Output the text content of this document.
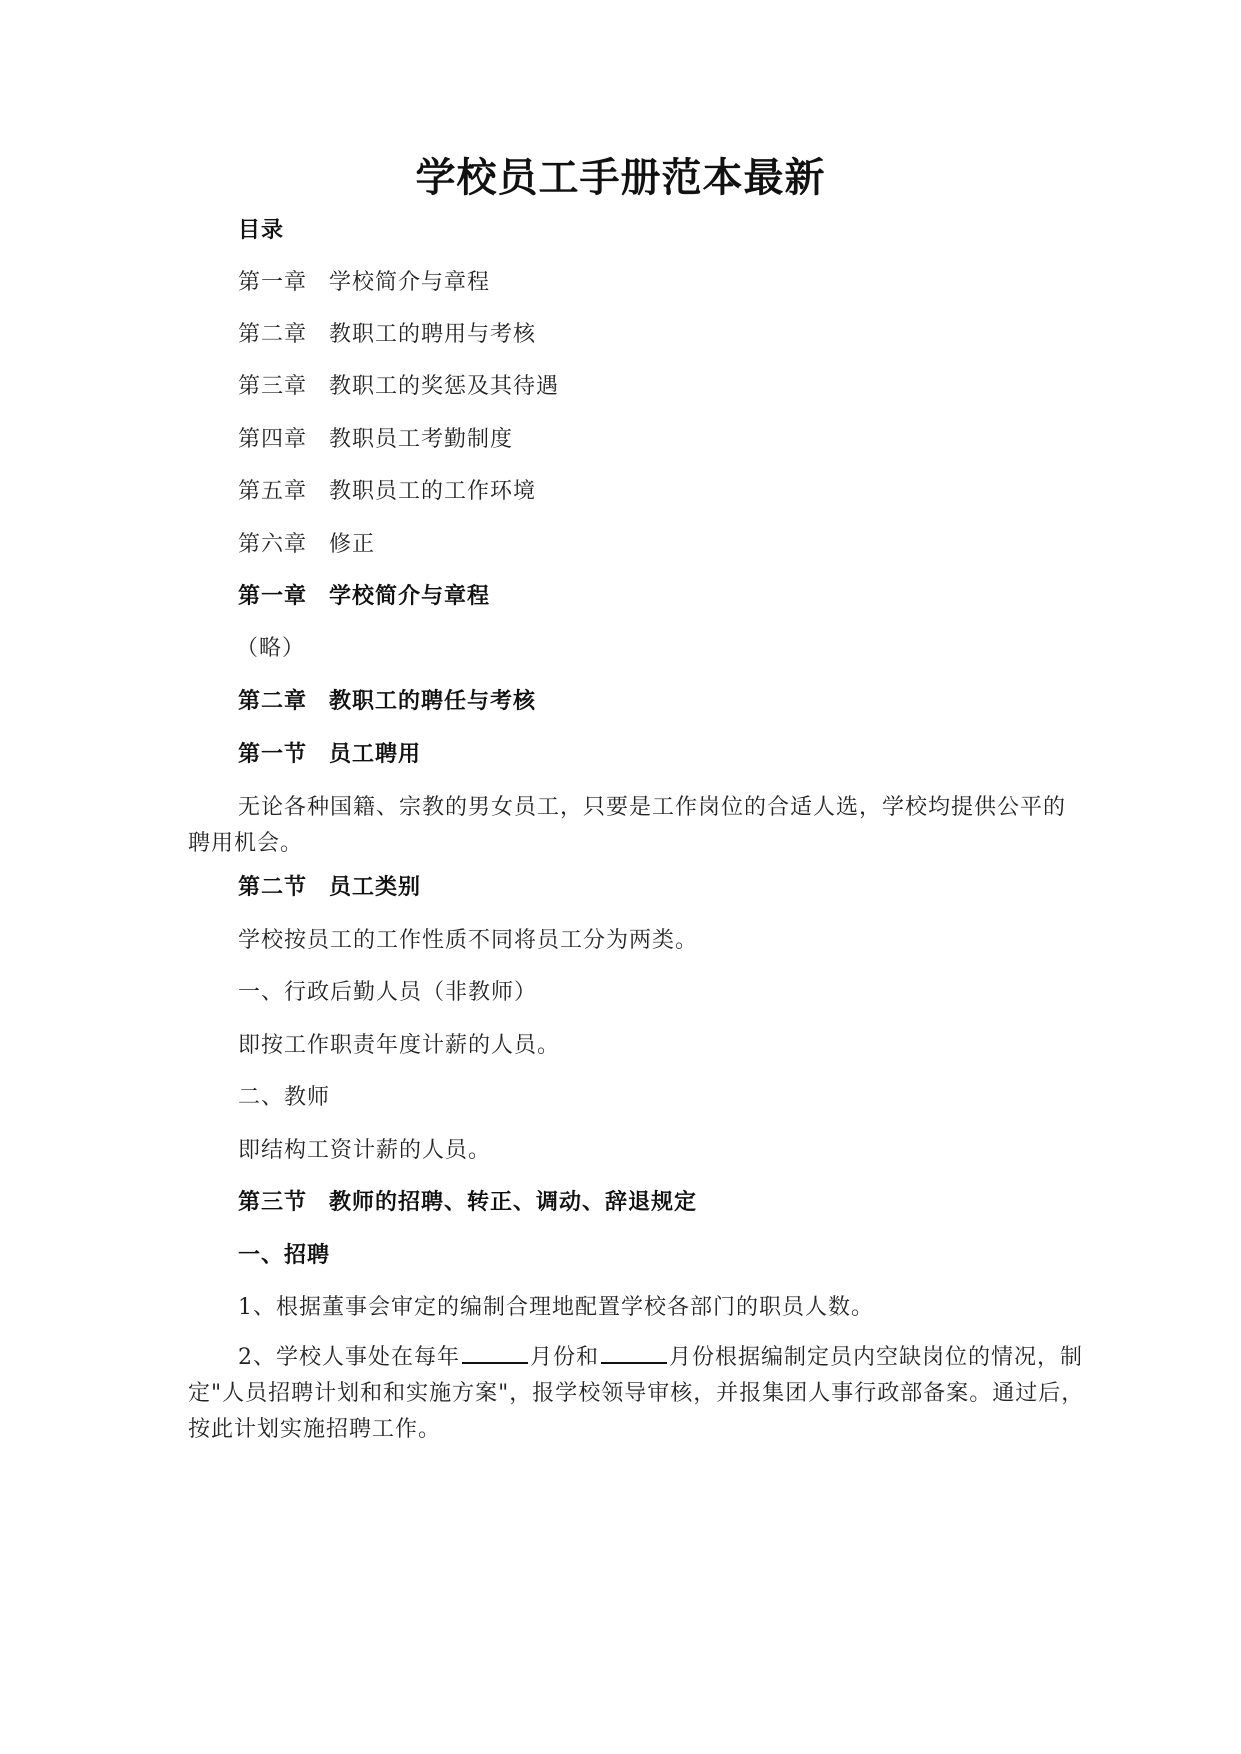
学校员工手册范本最新
目录
第一章 学校简介与章程
第二章 教职工的聘用与考核
第三章 教职工的奖惩及其待遇
第四章 教职员工考勤制度
第五章 教职员工的工作环境
第六章 修正
第一章 学校简介与章程
（略）
第二章 教职工的聘任与考核
第一节 员工聘用
无论各种国籍、宗教的男女员工，只要是工作岗位的合适人选，学校均提供公平的聘用机会。
第二节 员工类别
学校按员工的工作性质不同将员工分为两类。
一、行政后勤人员（非教师）
即按工作职责年度计薪的人员。
二、教师
即结构工资计薪的人员。
第三节 教师的招聘、转正、调动、辞退规定
一、招聘
1、根据董事会审定的编制合理地配置学校各部门的职员人数。
2、学校人事处在每年	月份和	月份根据编制定员内空缺岗位的情况，制定"人员招聘计划和和实施方案"，报学校领导审核，并报集团人事行政部备案。通过后，按此计划实施招聘工作。
